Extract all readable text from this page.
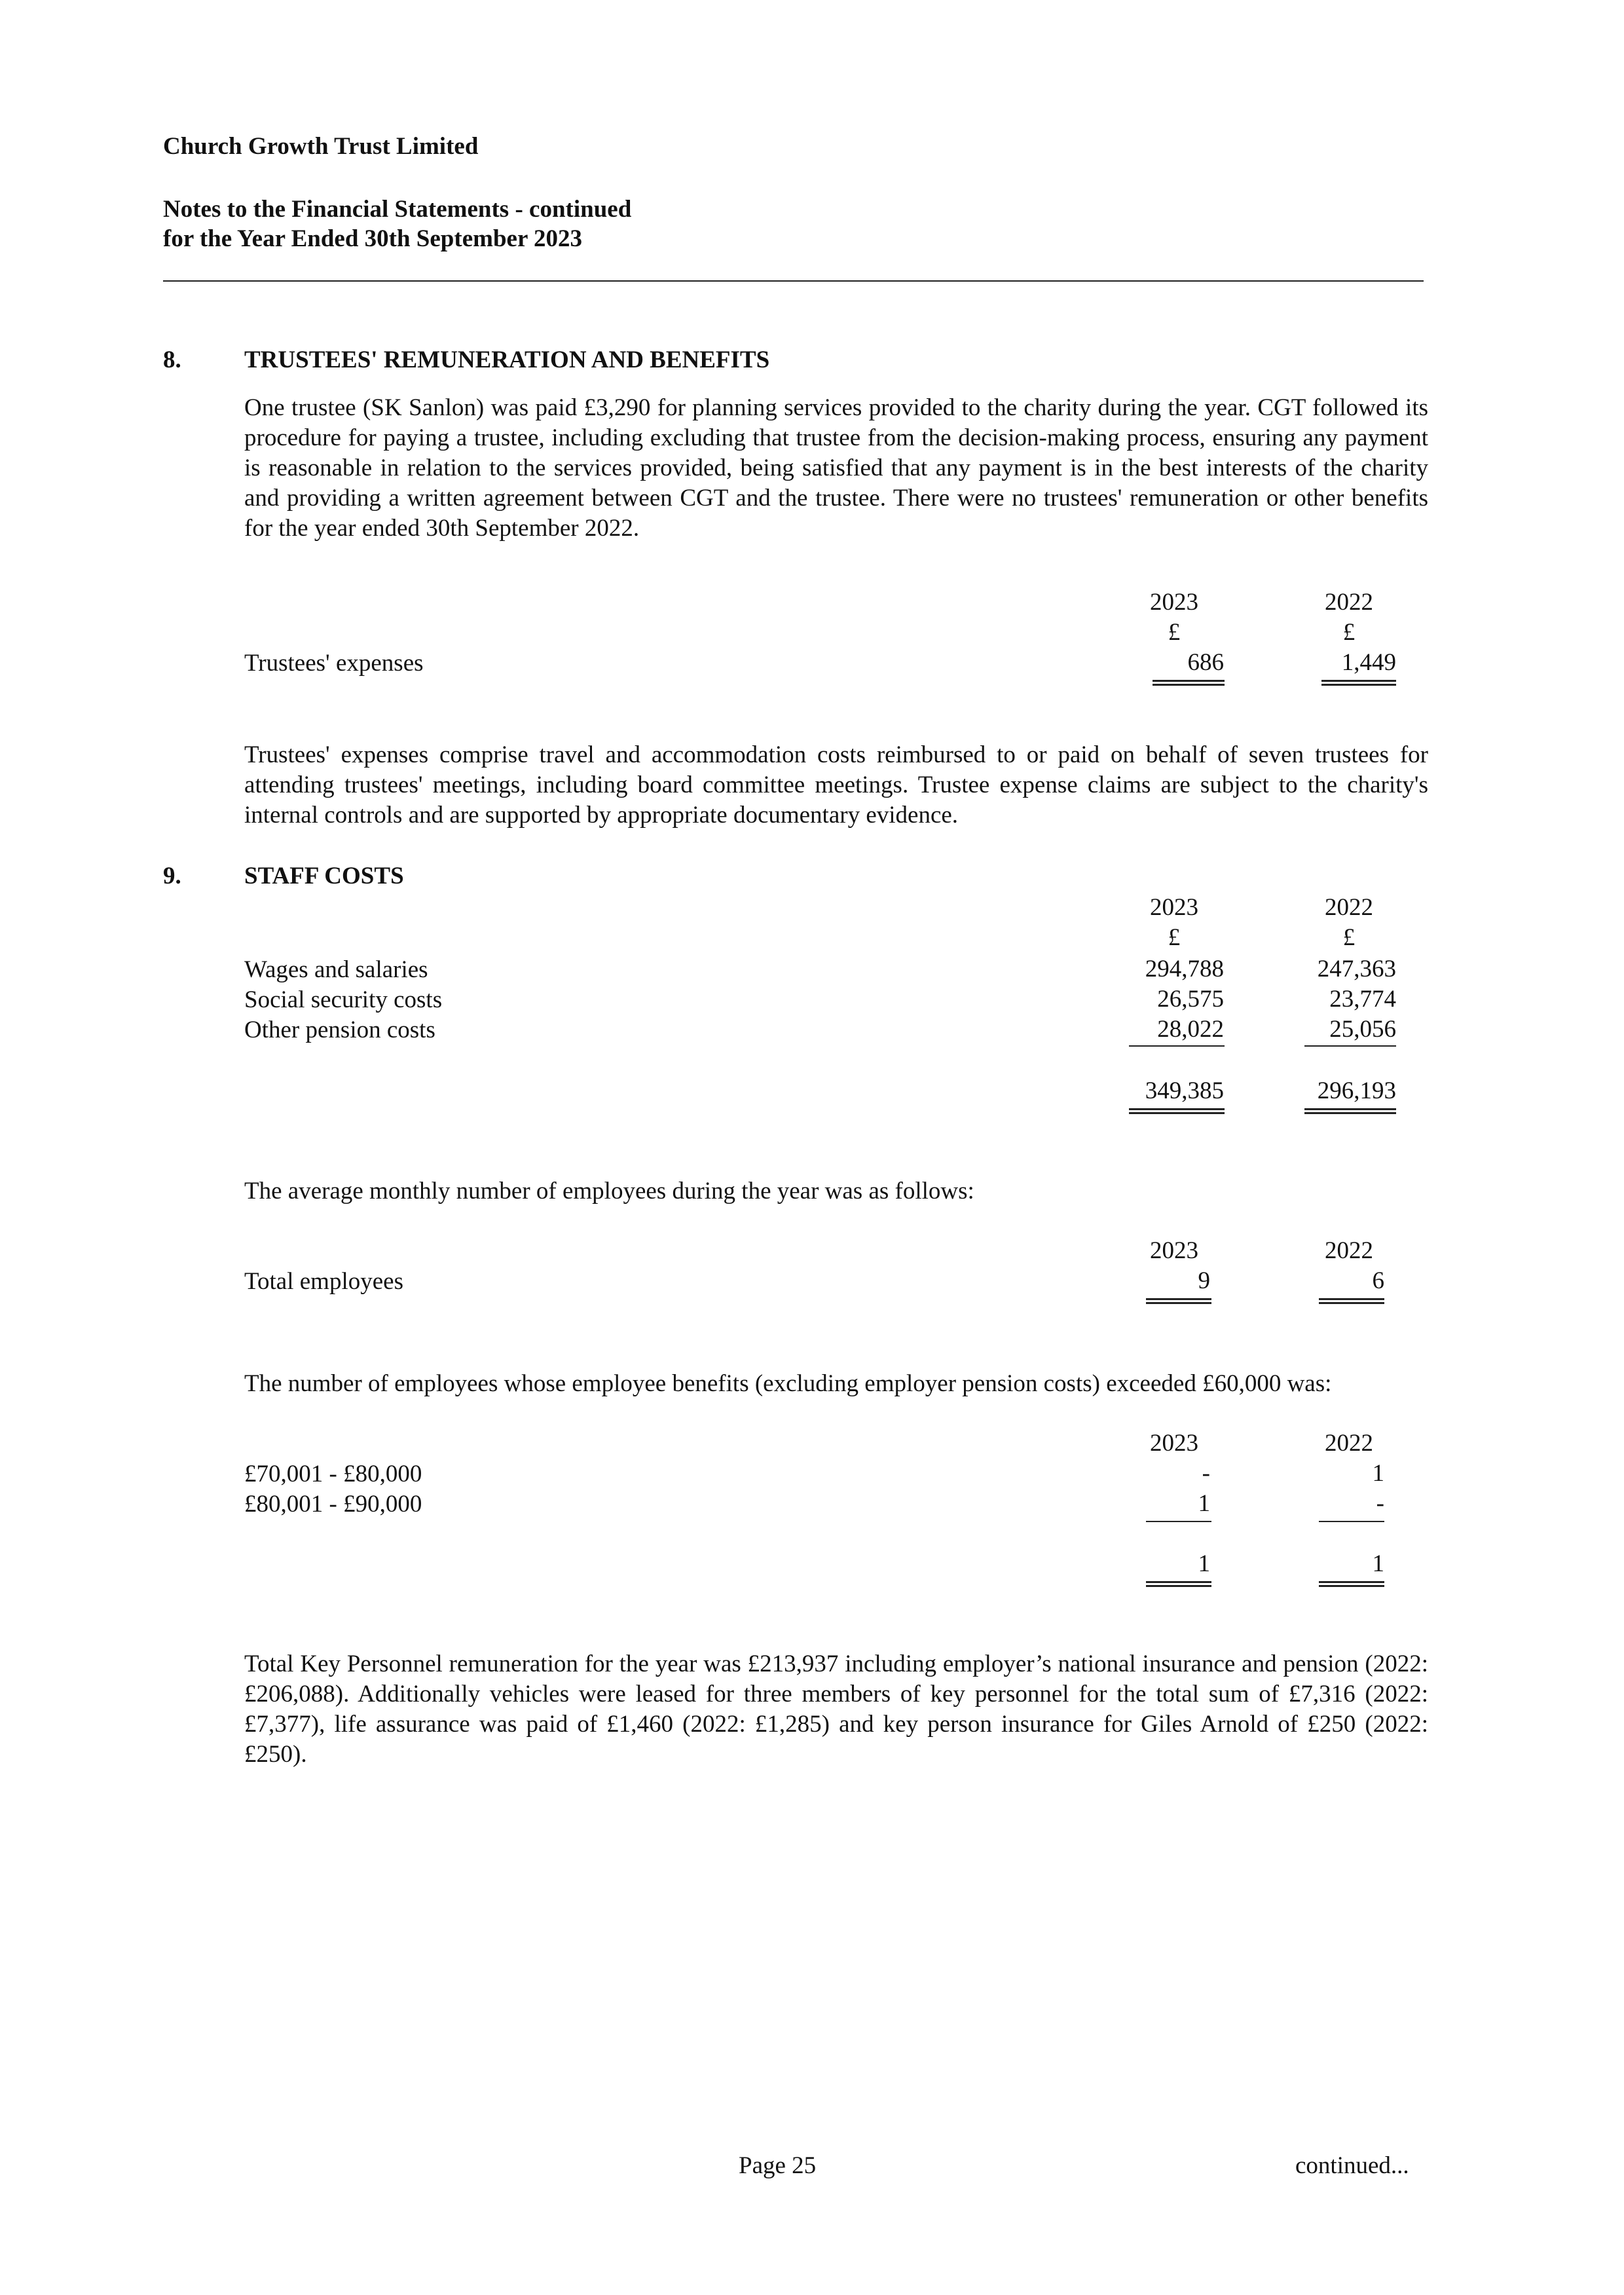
Church Growth Trust Limited
Notes to the Financial Statements - continued
for the Year Ended 30th September 2023
8.	TRUSTEES' REMUNERATION AND BENEFITS
One trustee (SK Sanlon) was paid £3,290 for planning services provided to the charity during the year. CGT followed its procedure for paying a trustee, including excluding that trustee from the decision-making process, ensuring any payment is reasonable in relation to the services provided, being satisfied that any payment is in the best interests of the charity and providing a written agreement between CGT and the trustee. There were no trustees' remuneration or other benefits for the year ended 30th September 2022.
2023	2022
£	£
Trustees' expenses	686	1,449
Trustees' expenses comprise travel and accommodation costs reimbursed to or paid on behalf of seven trustees for attending trustees' meetings, including board committee meetings. Trustee expense claims are subject to the charity's internal controls and are supported by appropriate documentary evidence.
9.	STAFF COSTS
2023	2022
£	£
Wages and salaries	294,788	247,363
Social security costs	26,575	23,774
Other pension costs	28,022	25,056
349,385	296,193
The average monthly number of employees during the year was as follows:
2023	2022
Total employees	9	6
The number of employees whose employee benefits (excluding employer pension costs) exceeded £60,000 was:
2023	2022
£70,001 - £80,000	-	1
£80,001 - £90,000	1	-
1	1
Total Key Personnel remuneration for the year was £213,937 including employer’s national insurance and pension (2022: £206,088). Additionally vehicles were leased for three members of key personnel for the total sum of £7,316 (2022: £7,377), life assurance was paid of £1,460 (2022: £1,285) and key person insurance for Giles Arnold of £250 (2022: £250).
Page 25	continued...
